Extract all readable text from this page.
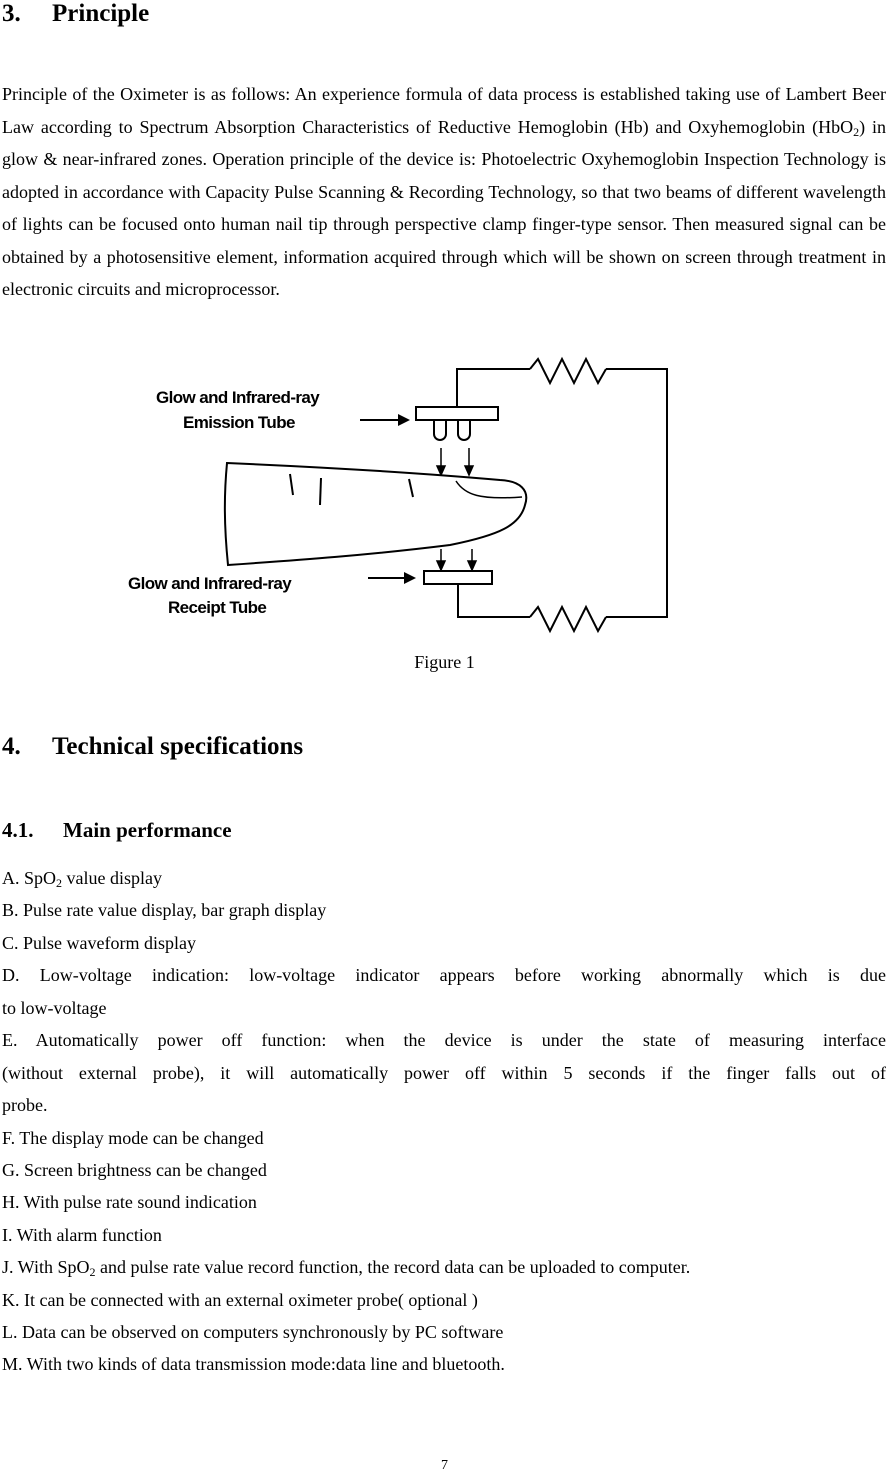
3. Principle

Principle of the Oximeter is as follows: An experience formula of data process is established taking use of Lambert Beer Law according to Spectrum Absorption Characteristics of Reductive Hemoglobin (Hb) and Oxyhemoglobin (HbO$_2$) in glow & near-infrared zones. Operation principle of the device is: Photoelectric Oxyhemoglobin Inspection Technology is adopted in accordance with Capacity Pulse Scanning & Recording Technology, so that two beams of different wavelength of lights can be focused onto human nail tip through perspective clamp finger-type sensor. Then measured signal can be obtained by a photosensitive element, information acquired through which will be shown on screen through treatment in electronic circuits and microprocessor.

Glow and Infrared-ray
Emission Tube
Glow and Infrared-ray
Receipt Tube
Figure 1
4. Technical specifications
4.1. Main performance
A. SpO$_2$ value display
B. Pulse rate value display, bar graph display
C. Pulse waveform display
D. Low-voltage indication: low-voltage indicator appears before working abnormally which is due
to low-voltage
E. Automatically power off function: when the device is under the state of measuring interface
(without external probe), it will automatically power off within 5 seconds if the finger falls out of
probe.
F. The display mode can be changed
G. Screen brightness can be changed
H. With pulse rate sound indication
I. With alarm function
J. With SpO$_2$ and pulse rate value record function, the record data can be uploaded to computer.
K. It can be connected with an external oximeter probe( optional )
L. Data can be observed on computers synchronously by PC software
M. With two kinds of data transmission mode:data line and bluetooth.
7
